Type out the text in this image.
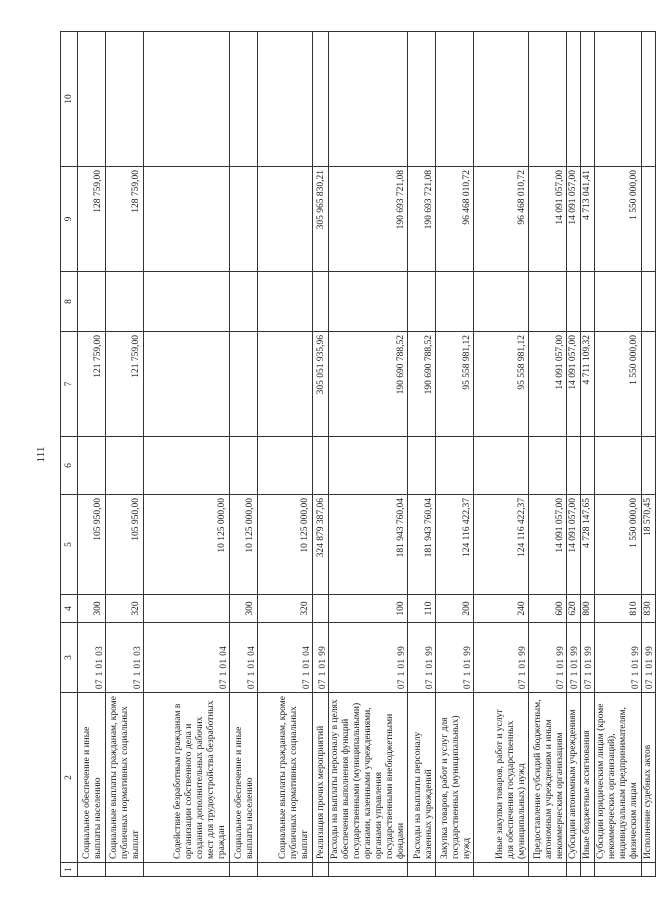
111
1	2	3	4	5	6	7	8	9	10
	Социальное обеспечение и иные выплаты населению	07 1 01 03	300	105 950,00		121 759,00		128 759,00	
	Социальные выплаты гражданам, кроме публичных нормативных социальных выплат	07 1 01 03	320	105 950,00		121 759,00		128 759,00	
	Содействие безработным гражданам в организации собственного дела и создании дополнительных рабочих мест для трудоустройства безработных граждан	07 1 01 04		10 125 000,00					
	Социальное обеспечение и иные выплаты населению	07 1 01 04	300	10 125 000,00					
	Социальные выплаты гражданам, кроме публичных нормативных социальных выплат	07 1 01 04	320	10 125 000,00					
	Реализация прочих мероприятий	07 1 01 99		324 879 387,06		305 051 935,96		305 965 830,21	
	Расходы на выплаты персоналу в целях обеспечения выполнения функций государственными (муниципальными) органами, казенными учреждениями, органами управления государственными внебюджетными фондами	07 1 01 99	100	181 943 760,04		190 690 788,52		190 693 721,08	
	Расходы на выплаты персоналу казенных учреждений	07 1 01 99	110	181 943 760,04		190 690 788,52		190 693 721,08	
	Закупка товаров, работ и услуг для государственных (муниципальных) нужд	07 1 01 99	200	124 116 422,37		95 558 981,12		96 468 010,72	
	Иные закупки товаров, работ и услуг для обеспечения государственных (муниципальных) нужд	07 1 01 99	240	124 116 422,37		95 558 981,12		96 468 010,72	
	Предоставление субсидий бюджетным, автономным учреждениям и иным некоммерческим организациям	07 1 01 99	600	14 091 057,00		14 091 057,00		14 091 057,00	
	Субсидии автономным учреждениям	07 1 01 99	620	14 091 057,00		14 091 057,00		14 091 057,00	
	Иные бюджетные ассигнования	07 1 01 99	800	4 728 147,65		4 711 109,32		4 713 041,41	
	Субсидии юридическим лицам (кроме некоммерческих организаций), индивидуальным предпринимателям, физическим лицам	07 1 01 99	810	1 550 000,00		1 550 000,00		1 550 000,00	
	Исполнение судебных актов	07 1 01 99	830	18 570,45					
